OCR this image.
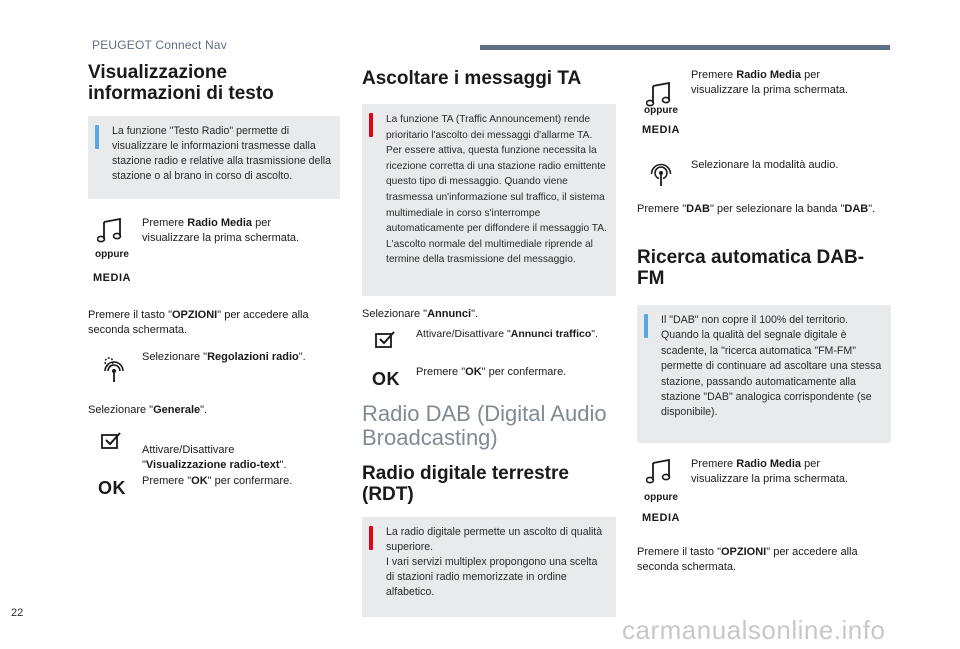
PEUGEOT Connect Nav
Visualizzazione
informazioni di testo
La funzione "Testo Radio" permette di visualizzare le informazioni trasmesse dalla stazione radio e relative alla trasmissione della stazione o al brano in corso di ascolto.
oppure
MEDIA
Premere Radio Media per visualizzare la prima schermata.
Premere il tasto "OPZIONI" per accedere alla seconda schermata.
Selezionare "Regolazioni radio".
Selezionare "Generale".

Attivare/Disattivare
"Visualizzazione radio-text".

OK	Premere "OK" per confermare.
Ascoltare i messaggi TA
La funzione TA (Traffic Announcement) rende prioritario l'ascolto dei messaggi d'allarme TA. Per essere attiva, questa funzione necessita la ricezione corretta di una stazione radio emittente questo tipo di messaggio. Quando viene trasmessa un'informazione sul traffico, il sistema multimediale in corso s'interrompe automaticamente per diffondere il messaggio TA. L'ascolto normale del multimediale riprende al termine della trasmissione del messaggio.
Selezionare "Annunci".
Attivare/Disattivare "Annunci traffico".
OK	Premere "OK" per confermare.
Radio DAB (Digital Audio
Broadcasting)
Radio digitale terrestre
(RDT)
La radio digitale permette un ascolto di qualità superiore.
I vari servizi multiplex propongono una scelta di stazioni radio memorizzate in ordine alfabetico.
oppure
MEDIA
Premere Radio Media per visualizzare la prima schermata.
Selezionare la modalità audio.
Premere "DAB" per selezionare la banda "DAB".
Ricerca automatica DAB-FM
Il "DAB" non copre il 100% del territorio.
Quando la qualità del segnale digitale è scadente, la "ricerca automatica "FM-FM" permette di continuare ad ascoltare una stessa stazione, passando automaticamente alla stazione "DAB" analogica corrispondente (se disponibile).
oppure
MEDIA
Premere Radio Media per visualizzare la prima schermata.
Premere il tasto "OPZIONI" per accedere alla seconda schermata.
22
carmanualsonline.info
